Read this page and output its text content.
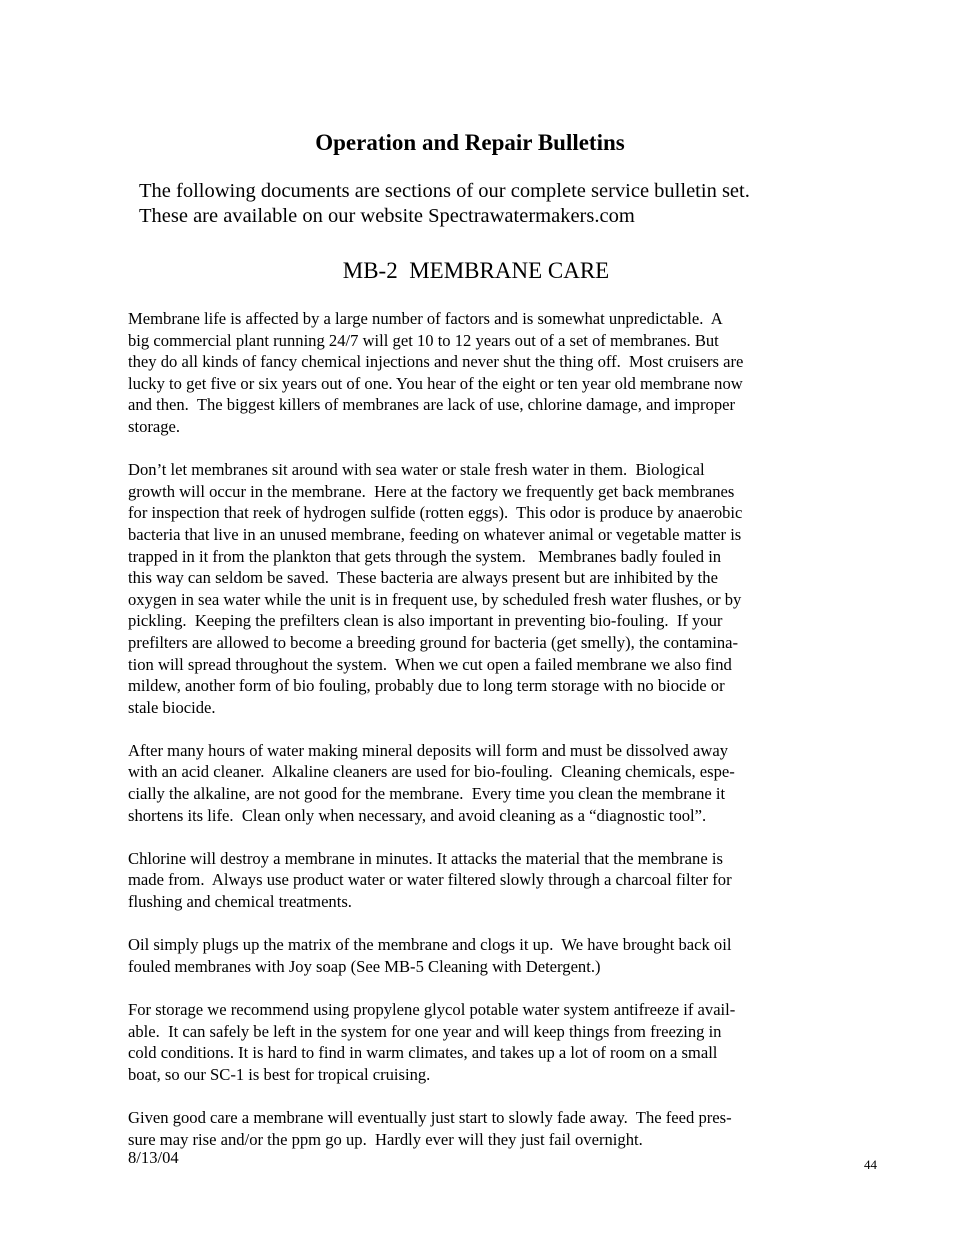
Operation and Repair Bulletins
The following documents are sections of our complete service bulletin set.
These are available on our website Spectrawatermakers.com
MB-2  MEMBRANE CARE

Membrane life is affected by a large number of factors and is somewhat unpredictable.  A
big commercial plant running 24/7 will get 10 to 12 years out of a set of membranes. But
they do all kinds of fancy chemical injections and never shut the thing off.  Most cruisers are
lucky to get five or six years out of one. You hear of the eight or ten year old membrane now
and then.  The biggest killers of membranes are lack of use, chlorine damage, and improper
storage.

Don’t let membranes sit around with sea water or stale fresh water in them.  Biological
growth will occur in the membrane.  Here at the factory we frequently get back membranes
for inspection that reek of hydrogen sulfide (rotten eggs).  This odor is produce by anaerobic
bacteria that live in an unused membrane, feeding on whatever animal or vegetable matter is
trapped in it from the plankton that gets through the system.   Membranes badly fouled in
this way can seldom be saved.  These bacteria are always present but are inhibited by the
oxygen in sea water while the unit is in frequent use, by scheduled fresh water flushes, or by
pickling.  Keeping the prefilters clean is also important in preventing bio-fouling.  If your
prefilters are allowed to become a breeding ground for bacteria (get smelly), the contamina-
tion will spread throughout the system.  When we cut open a failed membrane we also find
mildew, another form of bio fouling, probably due to long term storage with no biocide or
stale biocide.

After many hours of water making mineral deposits will form and must be dissolved away
with an acid cleaner.  Alkaline cleaners are used for bio-fouling.  Cleaning chemicals, espe-
cially the alkaline, are not good for the membrane.  Every time you clean the membrane it
shortens its life.  Clean only when necessary, and avoid cleaning as a “diagnostic tool”.

Chlorine will destroy a membrane in minutes. It attacks the material that the membrane is
made from.  Always use product water or water filtered slowly through a charcoal filter for
flushing and chemical treatments.

Oil simply plugs up the matrix of the membrane and clogs it up.  We have brought back oil
fouled membranes with Joy soap (See MB-5 Cleaning with Detergent.)

For storage we recommend using propylene glycol potable water system antifreeze if avail-
able.  It can safely be left in the system for one year and will keep things from freezing in
cold conditions. It is hard to find in warm climates, and takes up a lot of room on a small
boat, so our SC-1 is best for tropical cruising.

Given good care a membrane will eventually just start to slowly fade away.  The feed pres-
sure may rise and/or the ppm go up.  Hardly ever will they just fail overnight.

8/13/04	44
